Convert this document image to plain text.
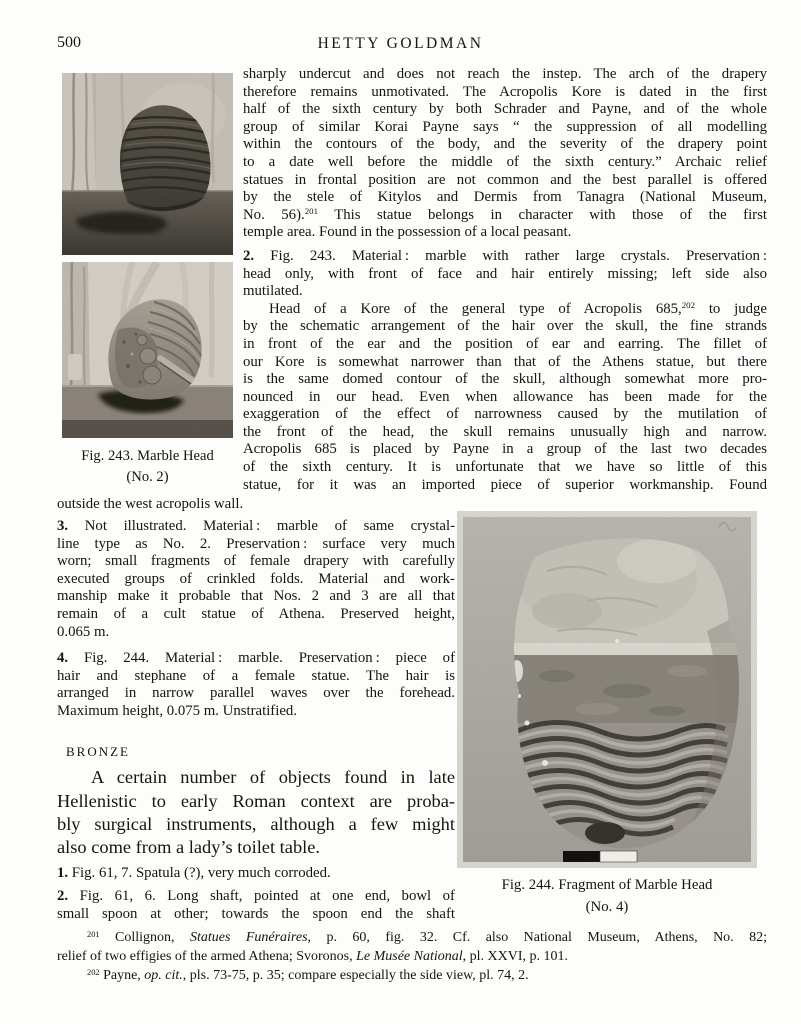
500	HETTY GOLDMAN
Fig. 243. Marble Head
(No. 2)
sharply undercut and does not reach the instep. The arch of the drapery
therefore remains unmotivated. The Acropolis Kore is dated in the first
half of the sixth century by both Schrader and Payne, and of the whole
group of similar Korai Payne says “ the suppression of all modelling
within the contours of the body, and the severity of the drapery point
to a date well before the middle of the sixth century.” Archaic relief
statues in frontal position are not common and the best parallel is offered
by the stele of Kitylos and Dermis from Tanagra (National Museum,
No. 56).$^{201}$ This statue belongs in character with those of the first
temple area. Found in the possession of a local peasant.
2. Fig. 243. Material : marble with rather large crystals. Preservation :
head only, with front of face and hair entirely missing; left side also
mutilated.
Head of a Kore of the general type of Acropolis 685,$^{202}$ to judge
by the schematic arrangement of the hair over the skull, the fine strands
in front of the ear and the position of ear and earring. The fillet of
our Kore is somewhat narrower than that of the Athens statue, but there
is the same domed contour of the skull, although somewhat more pro-
nounced in our head. Even when allowance has been made for the
exaggeration of the effect of narrowness caused by the mutilation of
the front of the head, the skull remains unusually high and narrow.
Acropolis 685 is placed by Payne in a group of the last two decades
of the sixth century. It is unfortunate that we have so little of this
statue, for it was an imported piece of superior workmanship. Found
outside the west acropolis wall.
3. Not illustrated. Material : marble of same crystal-
line type as No. 2. Preservation : surface very much
worn; small fragments of female drapery with carefully
executed groups of crinkled folds. Material and work-
manship make it probable that Nos. 2 and 3 are all that
remain of a cult statue of Athena. Preserved height,
0.065 m.
4. Fig. 244. Material : marble. Preservation : piece of
hair and stephane of a female statue. The hair is
arranged in narrow parallel waves over the forehead.
Maximum height, 0.075 m. Unstratified.
BRONZE
A certain number of objects found in late
Hellenistic to early Roman context are proba-
bly surgical instruments, although a few might
also come from a lady’s toilet table.
1. Fig. 61, 7. Spatula (?), very much corroded.
2. Fig. 61, 6. Long shaft, pointed at one end, bowl of
small spoon at other; towards the spoon end the shaft
Fig. 244. Fragment of Marble Head
(No. 4)
$^{201}$ Collignon, Statues Funéraires, p. 60, fig. 32. Cf. also National Museum, Athens, No. 82;
relief of two effigies of the armed Athena; Svoronos, Le Musée National, pl. XXVI, p. 101.
$^{202}$ Payne, op. cit., pls. 73-75, p. 35; compare especially the side view, pl. 74, 2.
